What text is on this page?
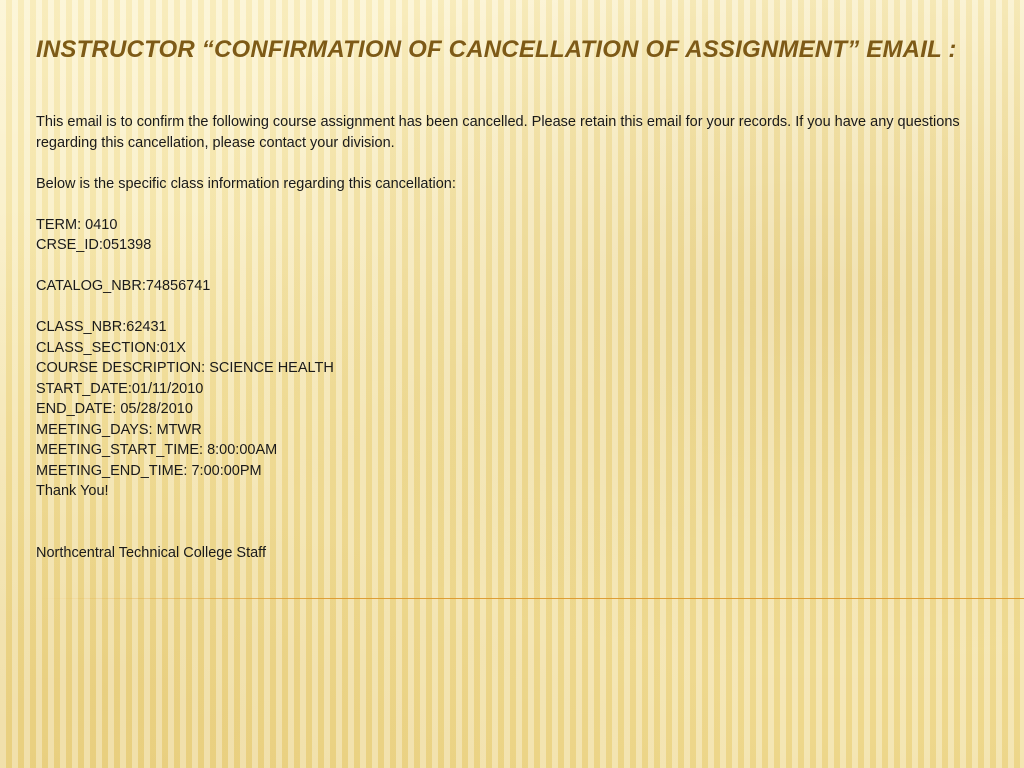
INSTRUCTOR “CONFIRMATION OF CANCELLATION OF ASSIGNMENT” EMAIL :

This email is to confirm the following course assignment has been cancelled. Please retain this email for your records. If you have any questions regarding this cancellation, please contact your division.

Below is the specific class information regarding this cancellation:

TERM: 0410

CRSE_ID:051398

CATALOG_NBR:74856741

CLASS_NBR:62431

CLASS_SECTION:01X

COURSE DESCRIPTION: SCIENCE HEALTH

START_DATE:01/11/2010

END_DATE: 05/28/2010

MEETING_DAYS: MTWR

MEETING_START_TIME: 8:00:00AM

MEETING_END_TIME: 7:00:00PM

Thank You!

Northcentral Technical College Staff
